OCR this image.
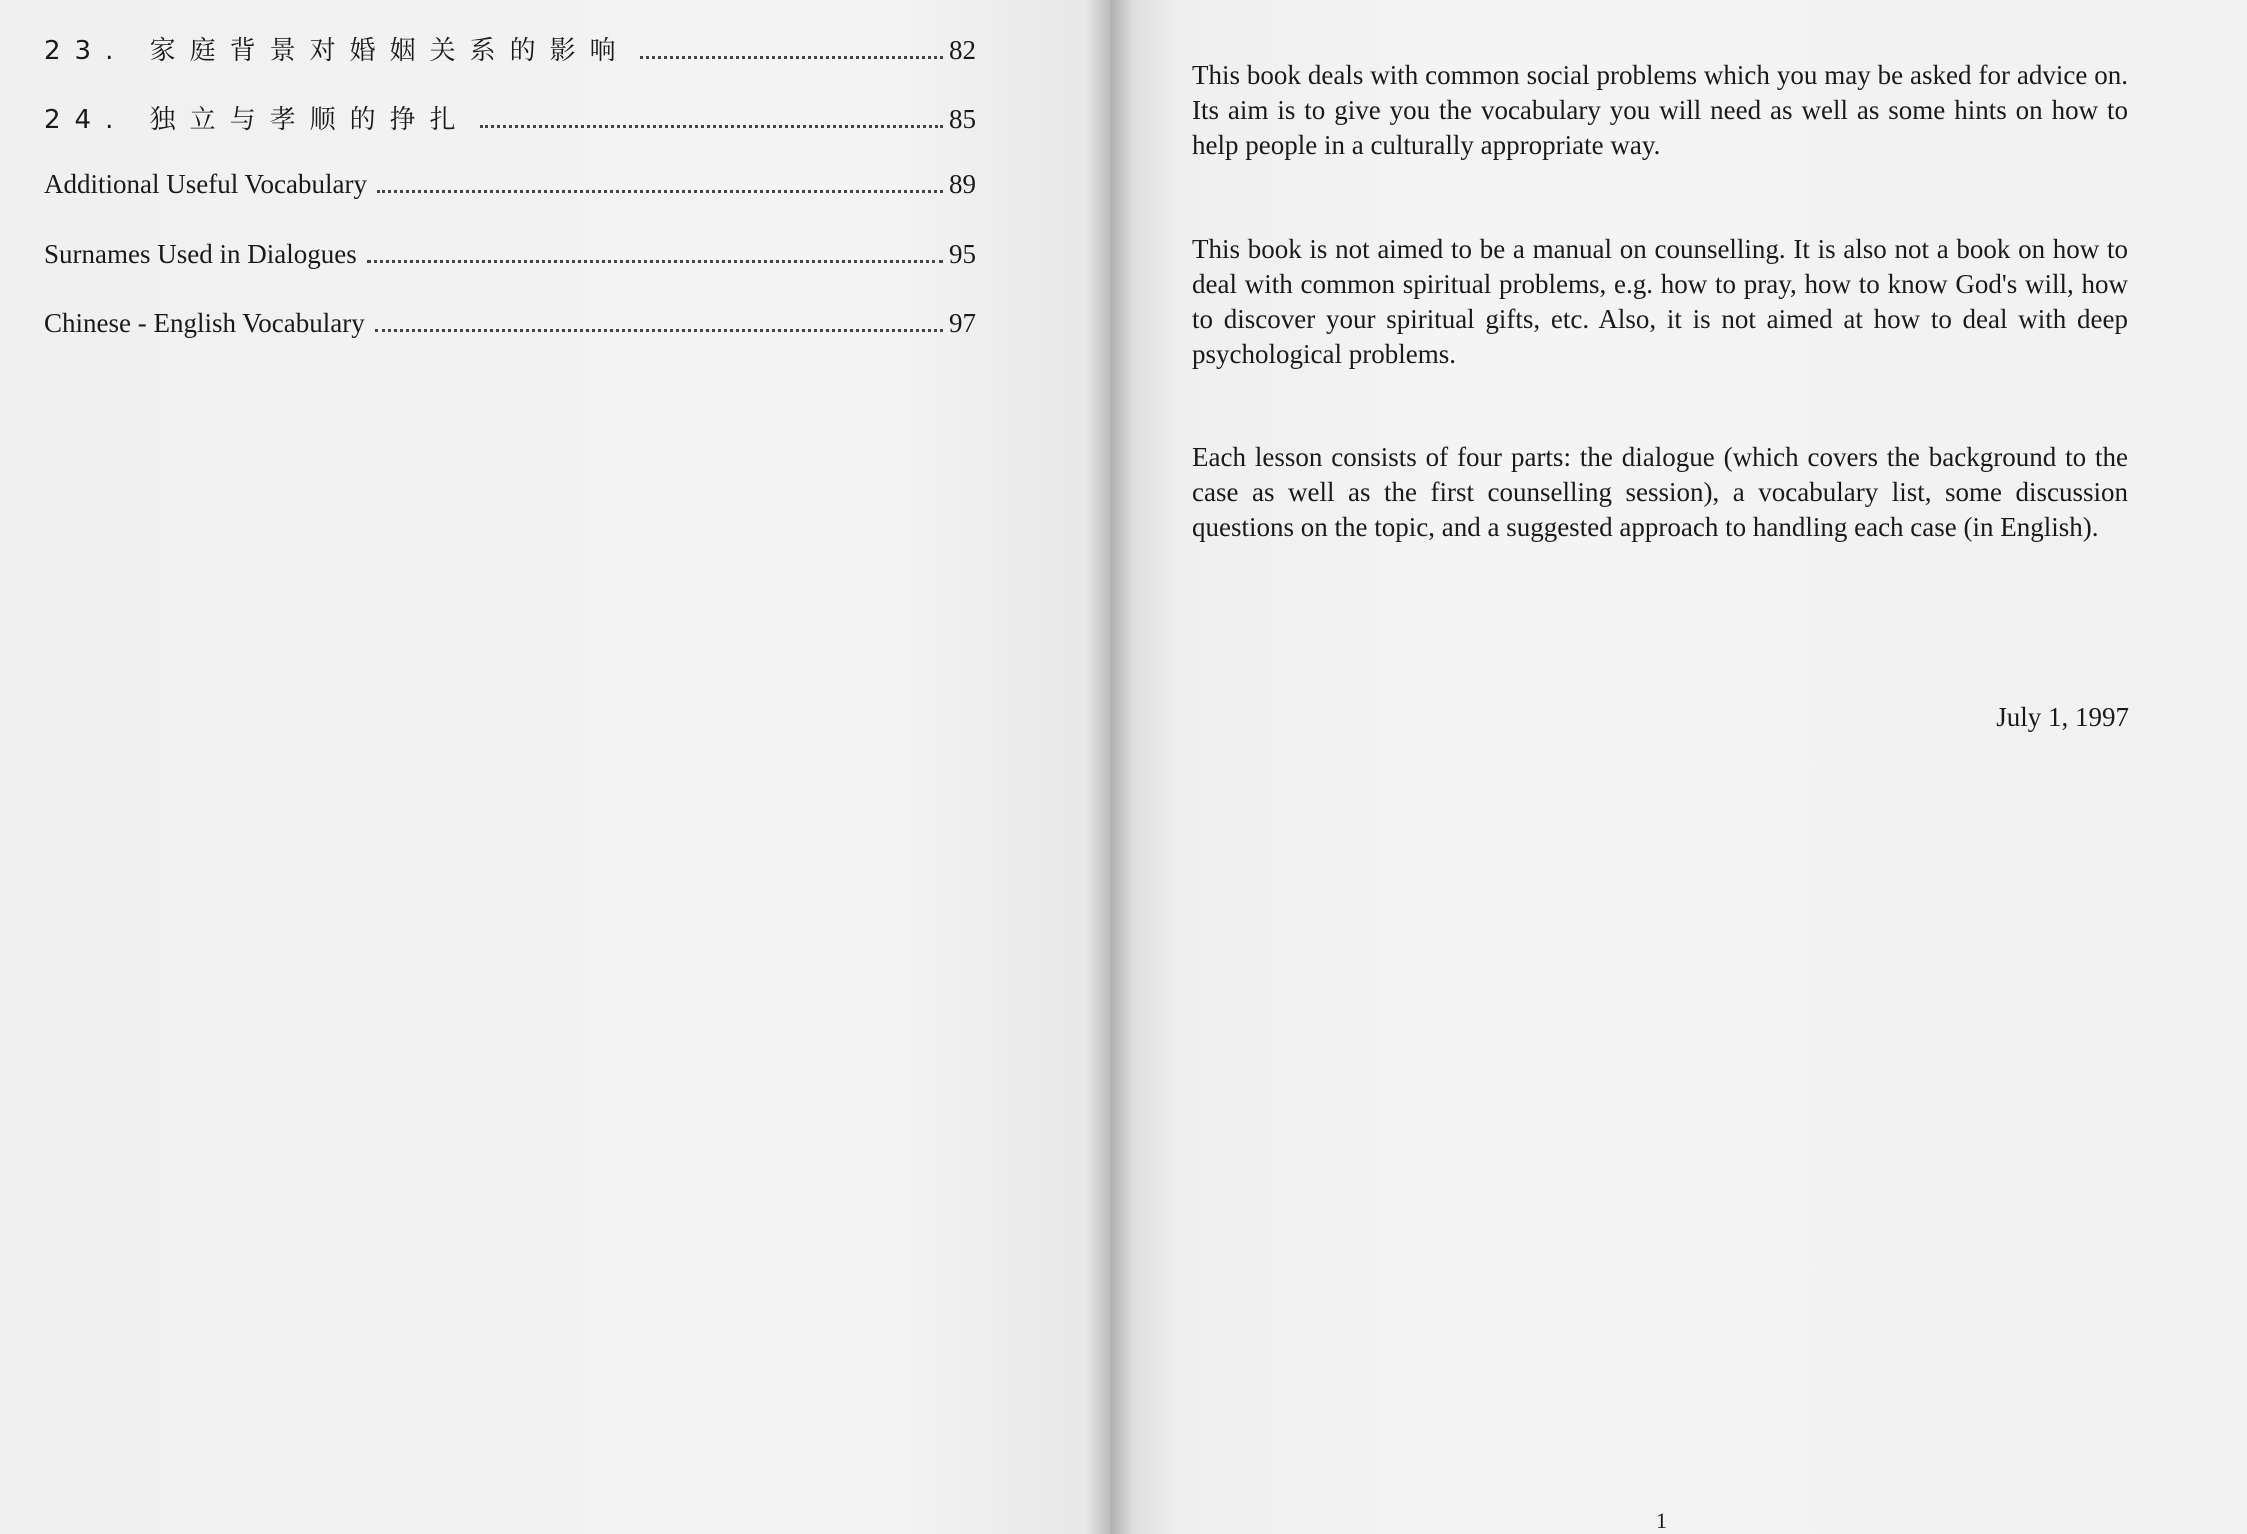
23. 家庭背景对婚姻关系的影响	82
24. 独立与孝顺的挣扎	85
Additional Useful Vocabulary	89
Surnames Used in Dialogues	95
Chinese - English Vocabulary	97

This book deals with common social problems which you may be asked for advice on. Its aim is to give you the vocabulary you will need as well as some hints on how to help people in a culturally appropriate way.

This book is not aimed to be a manual on counselling. It is also not a book on how to deal with common spiritual problems, e.g. how to pray, how to know God's will, how to discover your spiritual gifts, etc. Also, it is not aimed at how to deal with deep psychological problems.

Each lesson consists of four parts: the dialogue (which covers the background to the case as well as the first counselling session), a vocabulary list, some discussion questions on the topic, and a suggested approach to handling each case (in English).

July 1, 1997
1
